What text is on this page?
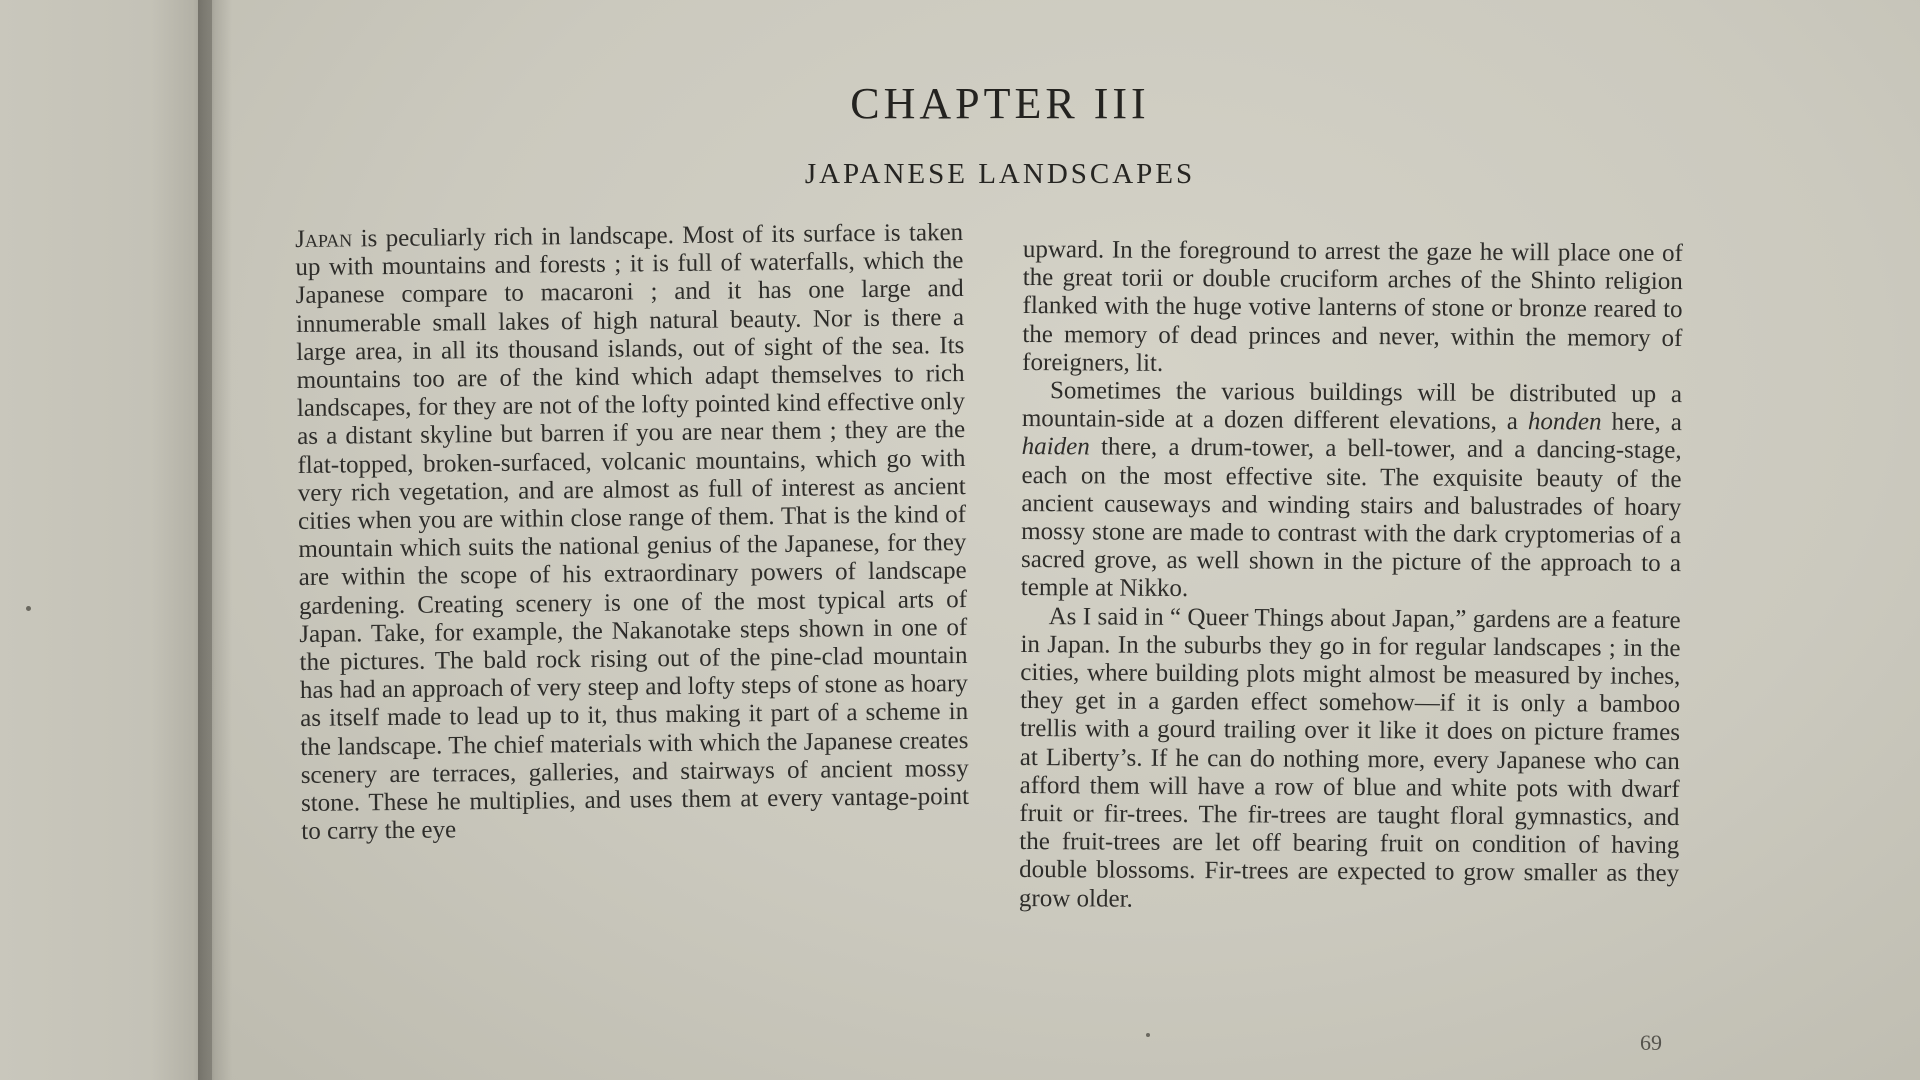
CHAPTER III
JAPANESE LANDSCAPES

Japan is peculiarly rich in landscape. Most of its surface is taken up with mountains and forests ; it is full of waterfalls, which the Japanese compare to macaroni ; and it has one large and innumerable small lakes of high natural beauty. Nor is there a large area, in all its thousand islands, out of sight of the sea. Its mountains too are of the kind which adapt themselves to rich landscapes, for they are not of the lofty pointed kind effective only as a distant skyline but barren if you are near them ; they are the flat-topped, broken-surfaced, volcanic mountains, which go with very rich vegetation, and are almost as full of interest as ancient cities when you are within close range of them. That is the kind of mountain which suits the national genius of the Japanese, for they are within the scope of his extraordinary powers of landscape gardening. Creating scenery is one of the most typical arts of Japan. Take, for example, the Nakanotake steps shown in one of the pictures. The bald rock rising out of the pine-clad mountain has had an approach of very steep and lofty steps of stone as hoary as itself made to lead up to it, thus making it part of a scheme in the landscape. The chief materials with which the Japanese creates scenery are terraces, galleries, and stairways of ancient mossy stone. These he multiplies, and uses them at every vantage-point to carry the eye

upward. In the foreground to arrest the gaze he will place one of the great torii or double cruciform arches of the Shinto religion flanked with the huge votive lanterns of stone or bronze reared to the memory of dead princes and never, within the memory of foreigners, lit.

Sometimes the various buildings will be distributed up a mountain-side at a dozen different elevations, a honden here, a haiden there, a drum-tower, a bell-tower, and a dancing-stage, each on the most effective site. The exquisite beauty of the ancient causeways and winding stairs and balustrades of hoary mossy stone are made to contrast with the dark cryptomerias of a sacred grove, as well shown in the picture of the approach to a temple at Nikko.

As I said in “ Queer Things about Japan,” gardens are a feature in Japan. In the suburbs they go in for regular landscapes ; in the cities, where building plots might almost be measured by inches, they get in a garden effect somehow—if it is only a bamboo trellis with a gourd trailing over it like it does on picture frames at Liberty’s. If he can do nothing more, every Japanese who can afford them will have a row of blue and white pots with dwarf fruit or fir-trees. The fir-trees are taught floral gymnastics, and the fruit-trees are let off bearing fruit on condition of having double blossoms. Fir-trees are expected to grow smaller as they grow older.

69
